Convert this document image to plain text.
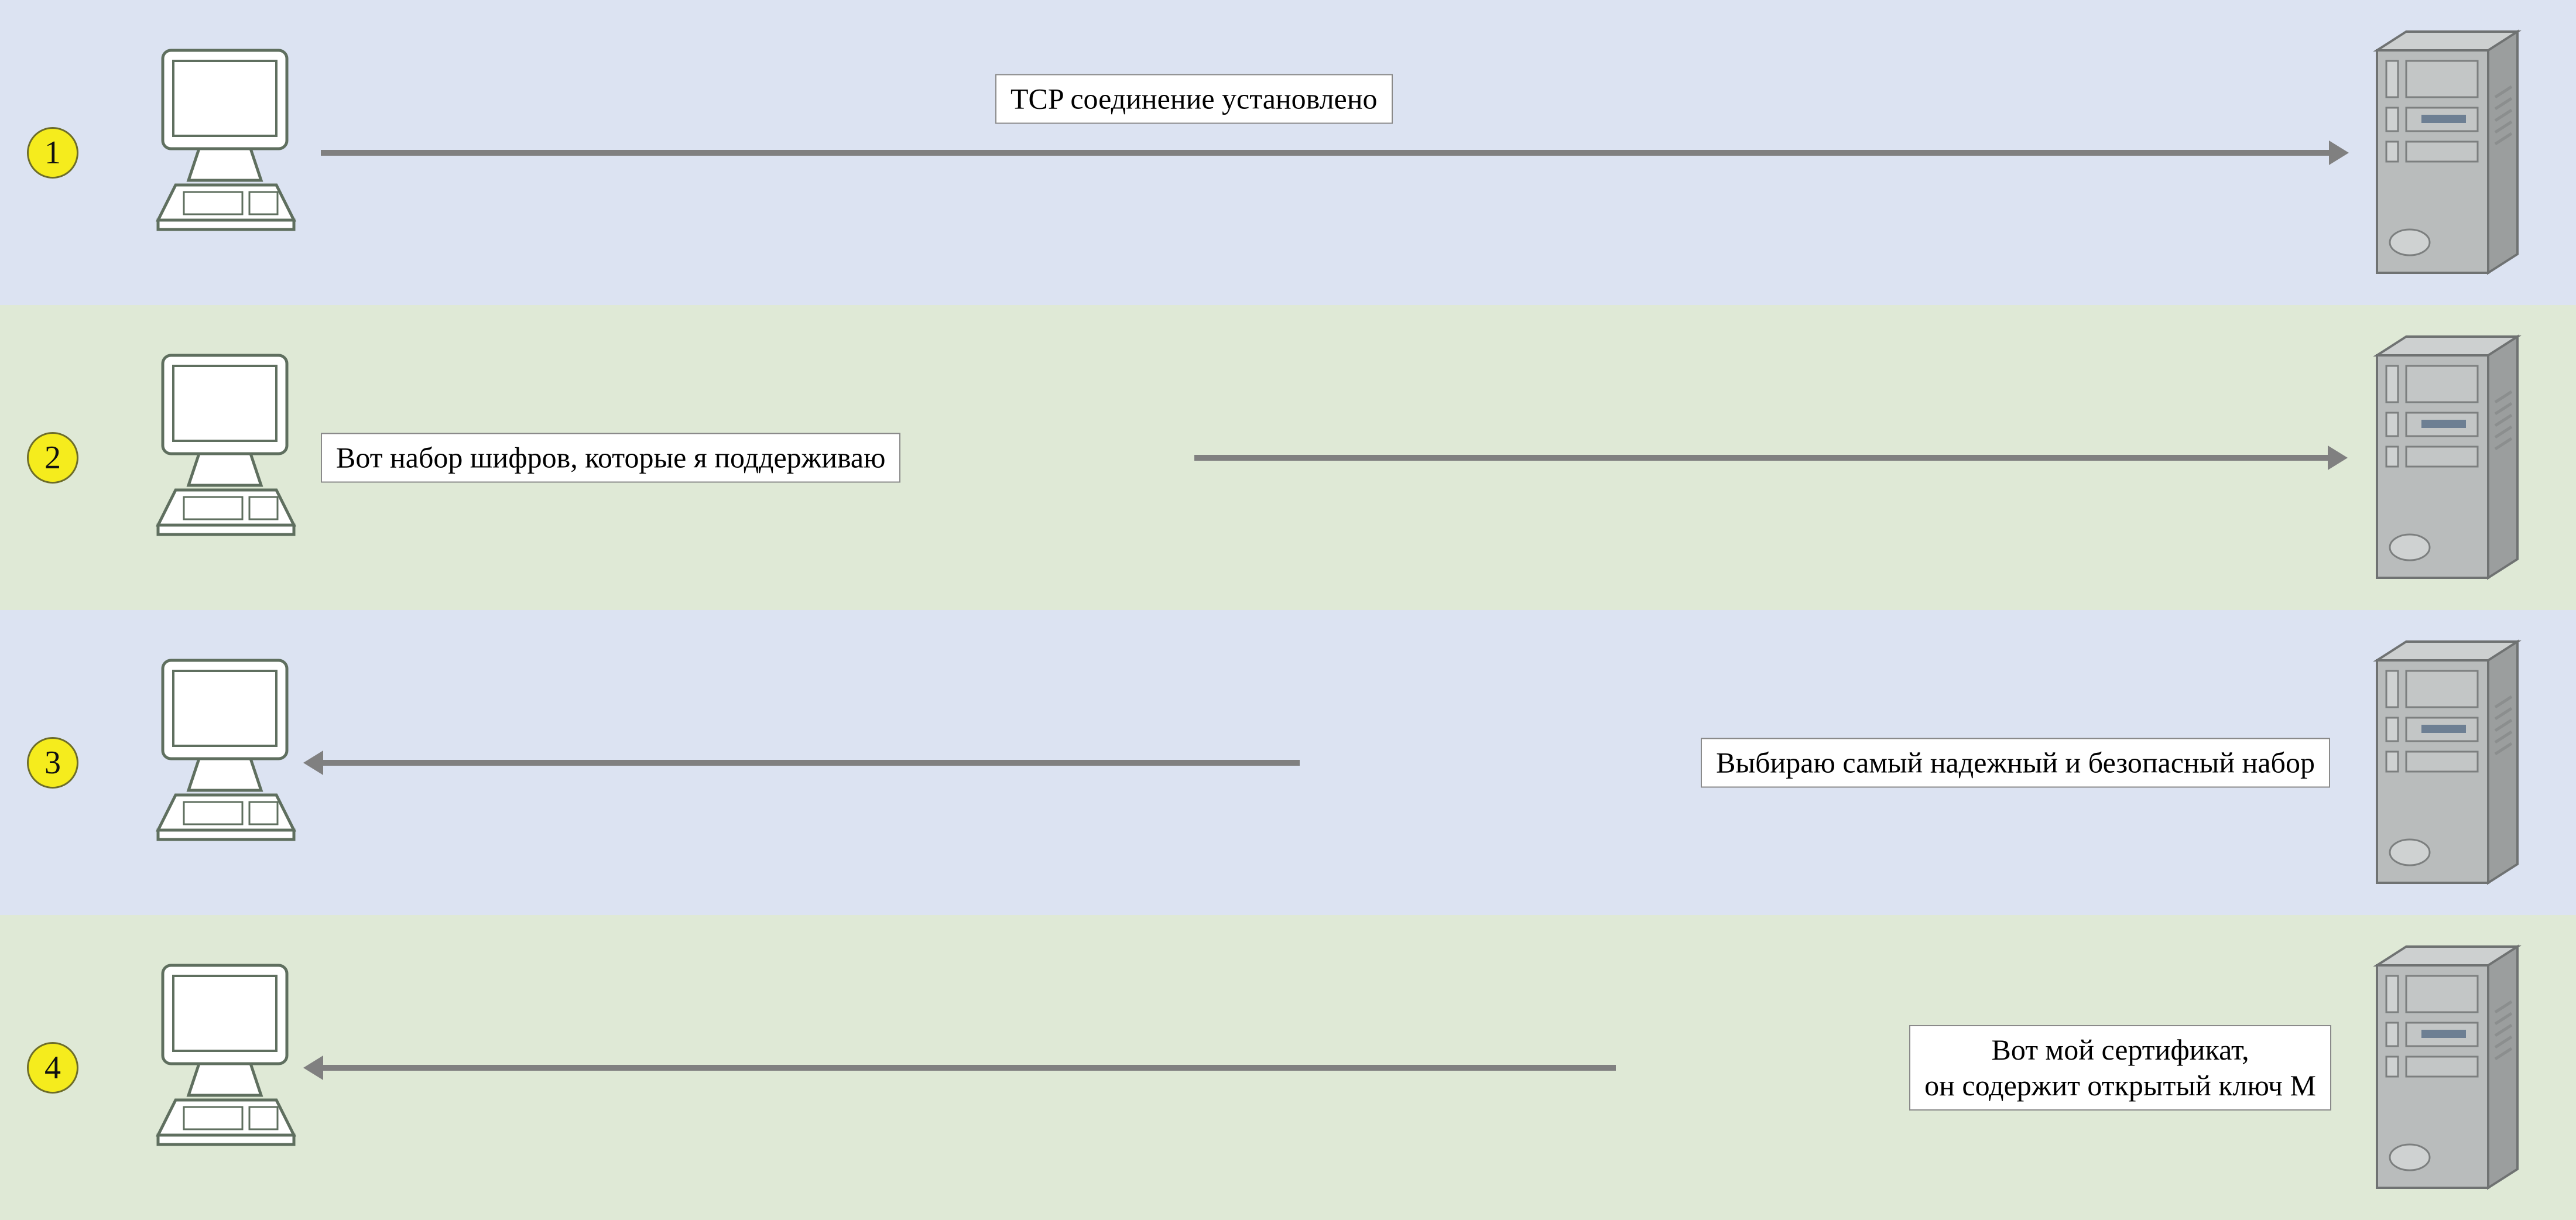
1
TCP соединение установлено
2	Вот набор шифров, которые я поддерживаю
3	Выбираю самый надежный и безопасный набор
4	Вот мой сертификат,
он содержит открытый ключ М
